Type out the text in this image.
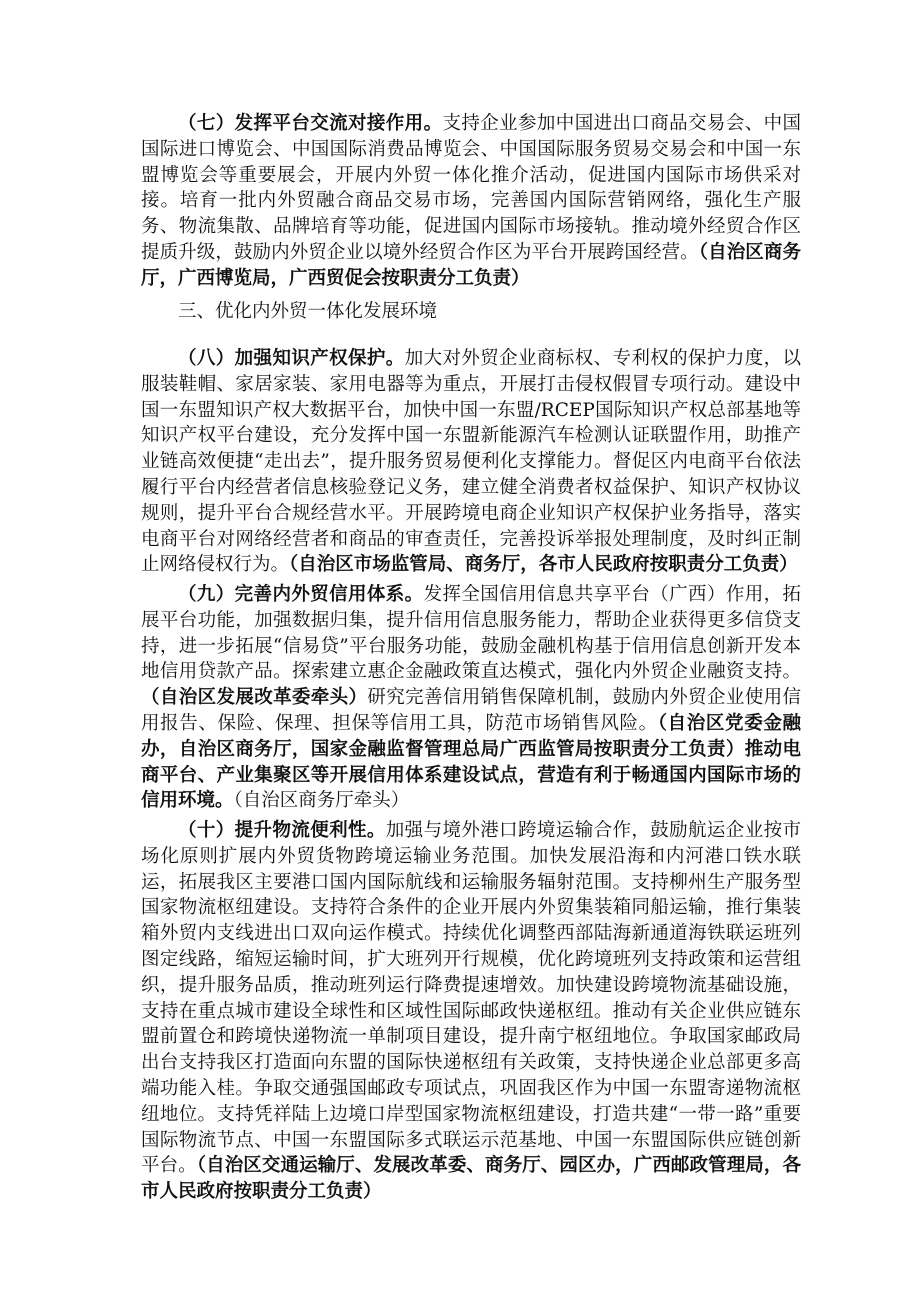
（七）发挥平台交流对接作用。支持企业参加中国进出口商品交易会、中国国际进口博览会、中国国际消费品博览会、中国国际服务贸易交易会和中国一东盟博览会等重要展会，开展内外贸一体化推介活动，促进国内国际市场供采对接。培育一批内外贸融合商品交易市场，完善国内国际营销网络，强化生产服务、物流集散、品牌培育等功能，促进国内国际市场接轨。推动境外经贸合作区提质升级，鼓励内外贸企业以境外经贸合作区为平台开展跨国经营。（自治区商务厅，广西博览局，广西贸促会按职责分工负责）

三、优化内外贸一体化发展环境

（八）加强知识产权保护。加大对外贸企业商标权、专利权的保护力度，以服装鞋帽、家居家装、家用电器等为重点，开展打击侵权假冒专项行动。建设中国一东盟知识产权大数据平台，加快中国一东盟/RCEP国际知识产权总部基地等知识产权平台建设，充分发挥中国一东盟新能源汽车检测认证联盟作用，助推产业链高效便捷“走出去”，提升服务贸易便利化支撑能力。督促区内电商平台依法履行平台内经营者信息核验登记义务，建立健全消费者权益保护、知识产权协议规则，提升平台合规经营水平。开展跨境电商企业知识产权保护业务指导，落实电商平台对网络经营者和商品的审查责任，完善投诉举报处理制度，及时纠正制止网络侵权行为。（自治区市场监管局、商务厅，各市人民政府按职责分工负责）

（九）完善内外贸信用体系。发挥全国信用信息共享平台（广西）作用，拓展平台功能，加强数据归集，提升信用信息服务能力，帮助企业获得更多信贷支持，进一步拓展“信易贷”平台服务功能，鼓励金融机构基于信用信息创新开发本地信用贷款产品。探索建立惠企金融政策直达模式，强化内外贸企业融资支持。（自治区发展改革委牵头）研究完善信用销售保障机制，鼓励内外贸企业使用信用报告、保险、保理、担保等信用工具，防范市场销售风险。（自治区党委金融办，自治区商务厅，国家金融监督管理总局广西监管局按职责分工负责）推动电商平台、产业集聚区等开展信用体系建设试点，营造有利于畅通国内国际市场的信用环境。（自治区商务厅牵头）

（十）提升物流便利性。加强与境外港口跨境运输合作，鼓励航运企业按市场化原则扩展内外贸货物跨境运输业务范围。加快发展沿海和内河港口铁水联运，拓展我区主要港口国内国际航线和运输服务辐射范围。支持柳州生产服务型国家物流枢纽建设。支持符合条件的企业开展内外贸集装箱同船运输，推行集装箱外贸内支线进出口双向运作模式。持续优化调整西部陆海新通道海铁联运班列图定线路，缩短运输时间，扩大班列开行规模，优化跨境班列支持政策和运营组织，提升服务品质，推动班列运行降费提速增效。加快建设跨境物流基础设施，支持在重点城市建设全球性和区域性国际邮政快递枢纽。推动有关企业供应链东盟前置仓和跨境快递物流一单制项目建设，提升南宁枢纽地位。争取国家邮政局出台支持我区打造面向东盟的国际快递枢纽有关政策，支持快递企业总部更多高端功能入桂。争取交通强国邮政专项试点，巩固我区作为中国一东盟寄递物流枢纽地位。支持凭祥陆上边境口岸型国家物流枢纽建设，打造共建“一带一路”重要国际物流节点、中国一东盟国际多式联运示范基地、中国一东盟国际供应链创新平台。（自治区交通运输厅、发展改革委、商务厅、园区办，广西邮政管理局，各市人民政府按职责分工负责）
